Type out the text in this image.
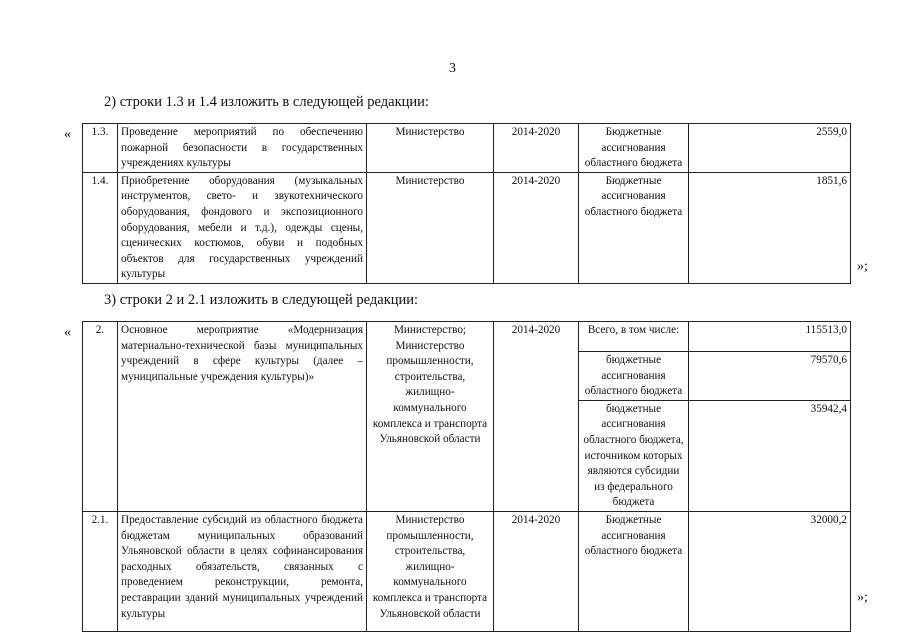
3
2) строки 1.3 и 1.4 изложить в следующей редакции:
«
»;
1.3.	Проведение мероприятий по обеспечению пожарной безопасности в государственных учреждениях культуры	Министерство	2014-2020	Бюджетные ассигнования областного бюджета	2559,0
1.4.	Приобретение оборудования (музыкальных инструментов, свето- и звукотехнического оборудования, фондового и экспозиционного оборудования, мебели и т.д.), одежды сцены, сценических костюмов, обуви и подобных объектов для государственных учреждений культуры	Министерство	2014-2020	Бюджетные ассигнования областного бюджета	1851,6
3) строки 2 и 2.1 изложить в следующей редакции:
«
»;
2.	Основное мероприятие «Модернизация материально-технической базы муниципальных учреждений в сфере культуры (далее – муниципальные учреждения культуры)»	Министерство; Министерство промышленности, строительства, жилищно-коммунального комплекса и транспорта Ульяновской области	2014-2020	Всего, в том числе:	115513,0
				бюджетные ассигнования областного бюджета	79570,6
				бюджетные ассигнования областного бюджета, источником которых являются субсидии из федерального бюджета	35942,4
2.1.	Предоставление субсидий из областного бюджета бюджетам муниципальных образований Ульяновской области в целях софинансирования расходных обязательств, связанных с проведением реконструкции, ремонта, реставрации зданий муниципальных учреждений культуры	Министерство промышленности, строительства, жилищно-коммунального комплекса и транспорта Ульяновской области	2014-2020	Бюджетные ассигнования областного бюджета	32000,2
